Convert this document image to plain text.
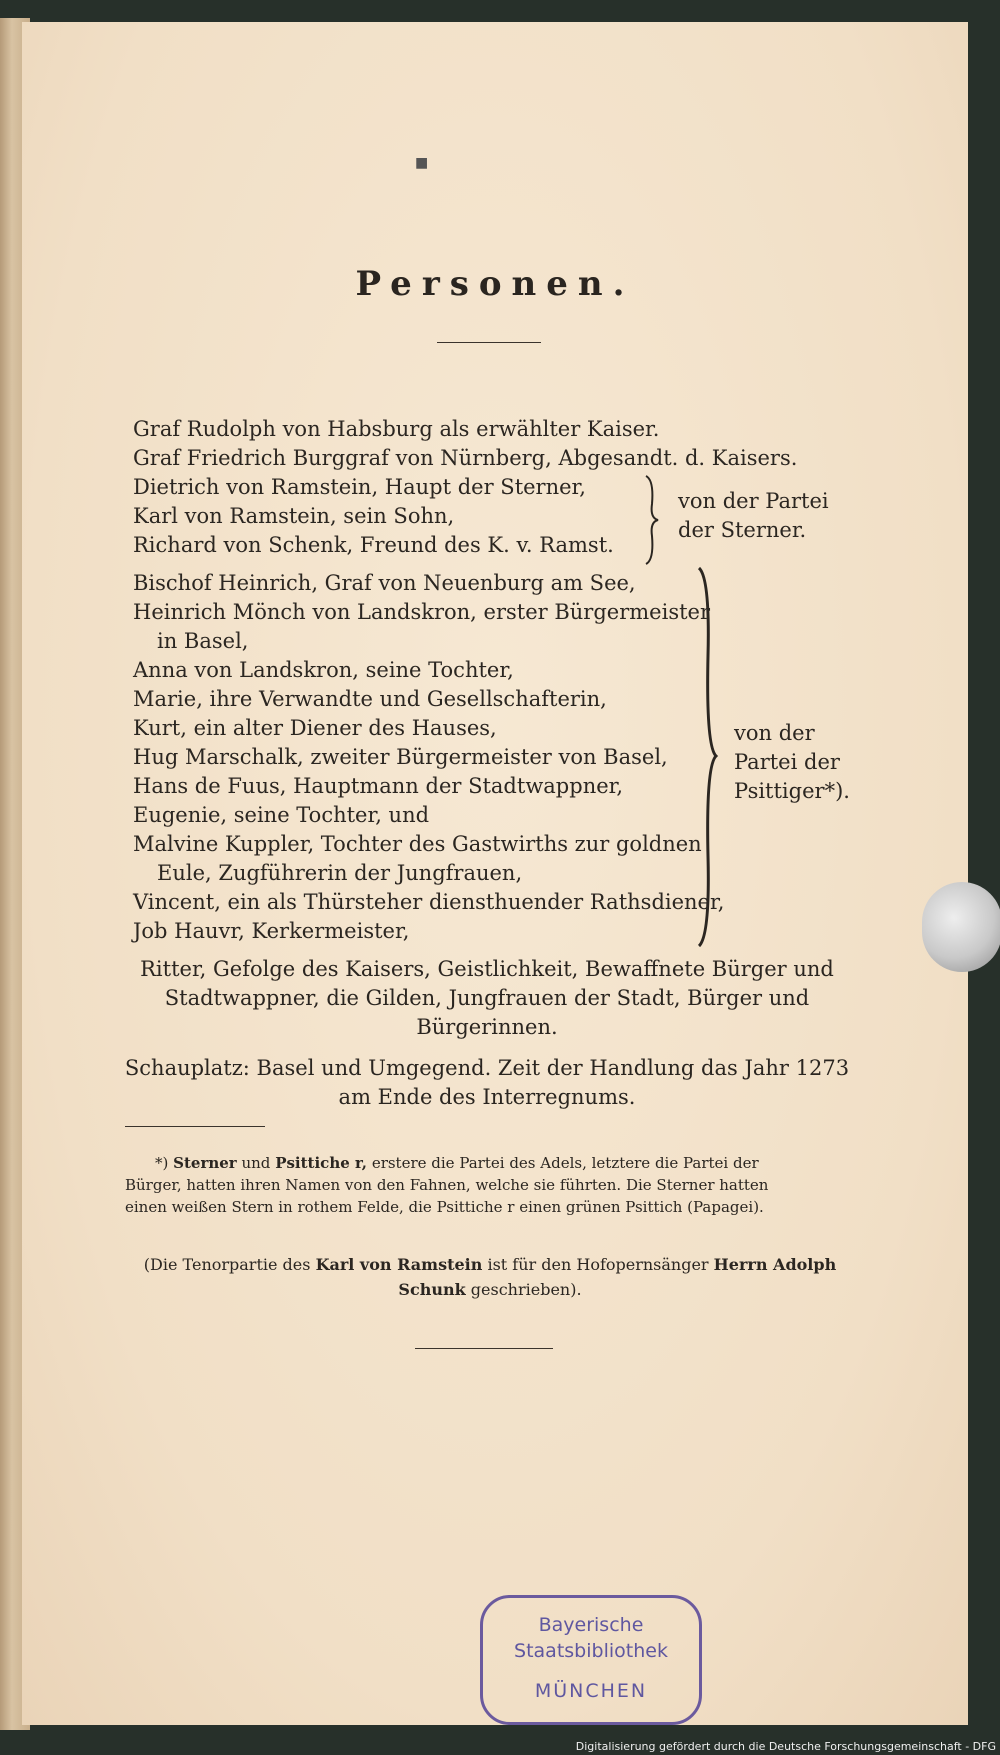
■
Personen.
Graf Rudolph von Habsburg als erwählter Kaiser.
Graf Friedrich Burggraf von Nürnberg, Abgesandt. d. Kaisers.
Dietrich von Ramstein, Haupt der Sterner,
Karl von Ramstein, sein Sohn,
Richard von Schenk, Freund des K. v. Ramst.
Bischof Heinrich, Graf von Neuenburg am See,
Heinrich Mönch von Landskron, erster Bürgermeister
in Basel,
Anna von Landskron, seine Tochter,
Marie, ihre Verwandte und Gesellschafterin,
Kurt, ein alter Diener des Hauses,
Hug Marschalk, zweiter Bürgermeister von Basel,
Hans de Fuus, Hauptmann der Stadtwappner,
Eugenie, seine Tochter, und
Malvine Kuppler, Tochter des Gastwirths zur goldnen
Eule, Zugführerin der Jungfrauen,
Vincent, ein als Thürsteher diensthuender Rathsdiener,
Job Hauvr, Kerkermeister,
von der Partei
der Sterner.
von der
Partei der
Psittiger*).
Ritter, Gefolge des Kaisers, Geistlichkeit, Bewaffnete Bürger und
Stadtwappner, die Gilden, Jungfrauen der Stadt, Bürger und
Bürgerinnen.
Schauplatz: Basel und Umgegend. Zeit der Handlung das Jahr 1273
am Ende des Interregnums.
*) Sterner und Psittiche r, erstere die Partei des Adels, letztere die Partei der
Bürger, hatten ihren Namen von den Fahnen, welche sie führten. Die Sterner hatten
einen weißen Stern in rothem Felde, die Psittiche r einen grünen Psittich (Papagei).
(Die Tenorpartie des Karl von Ramstein ist für den Hofopernsänger Herrn Adolph
Schunk geschrieben).
Bayerische
Staatsbibliothek
MÜNCHEN
Digitalisierung gefördert durch die Deutsche Forschungsgemeinschaft - DFG
